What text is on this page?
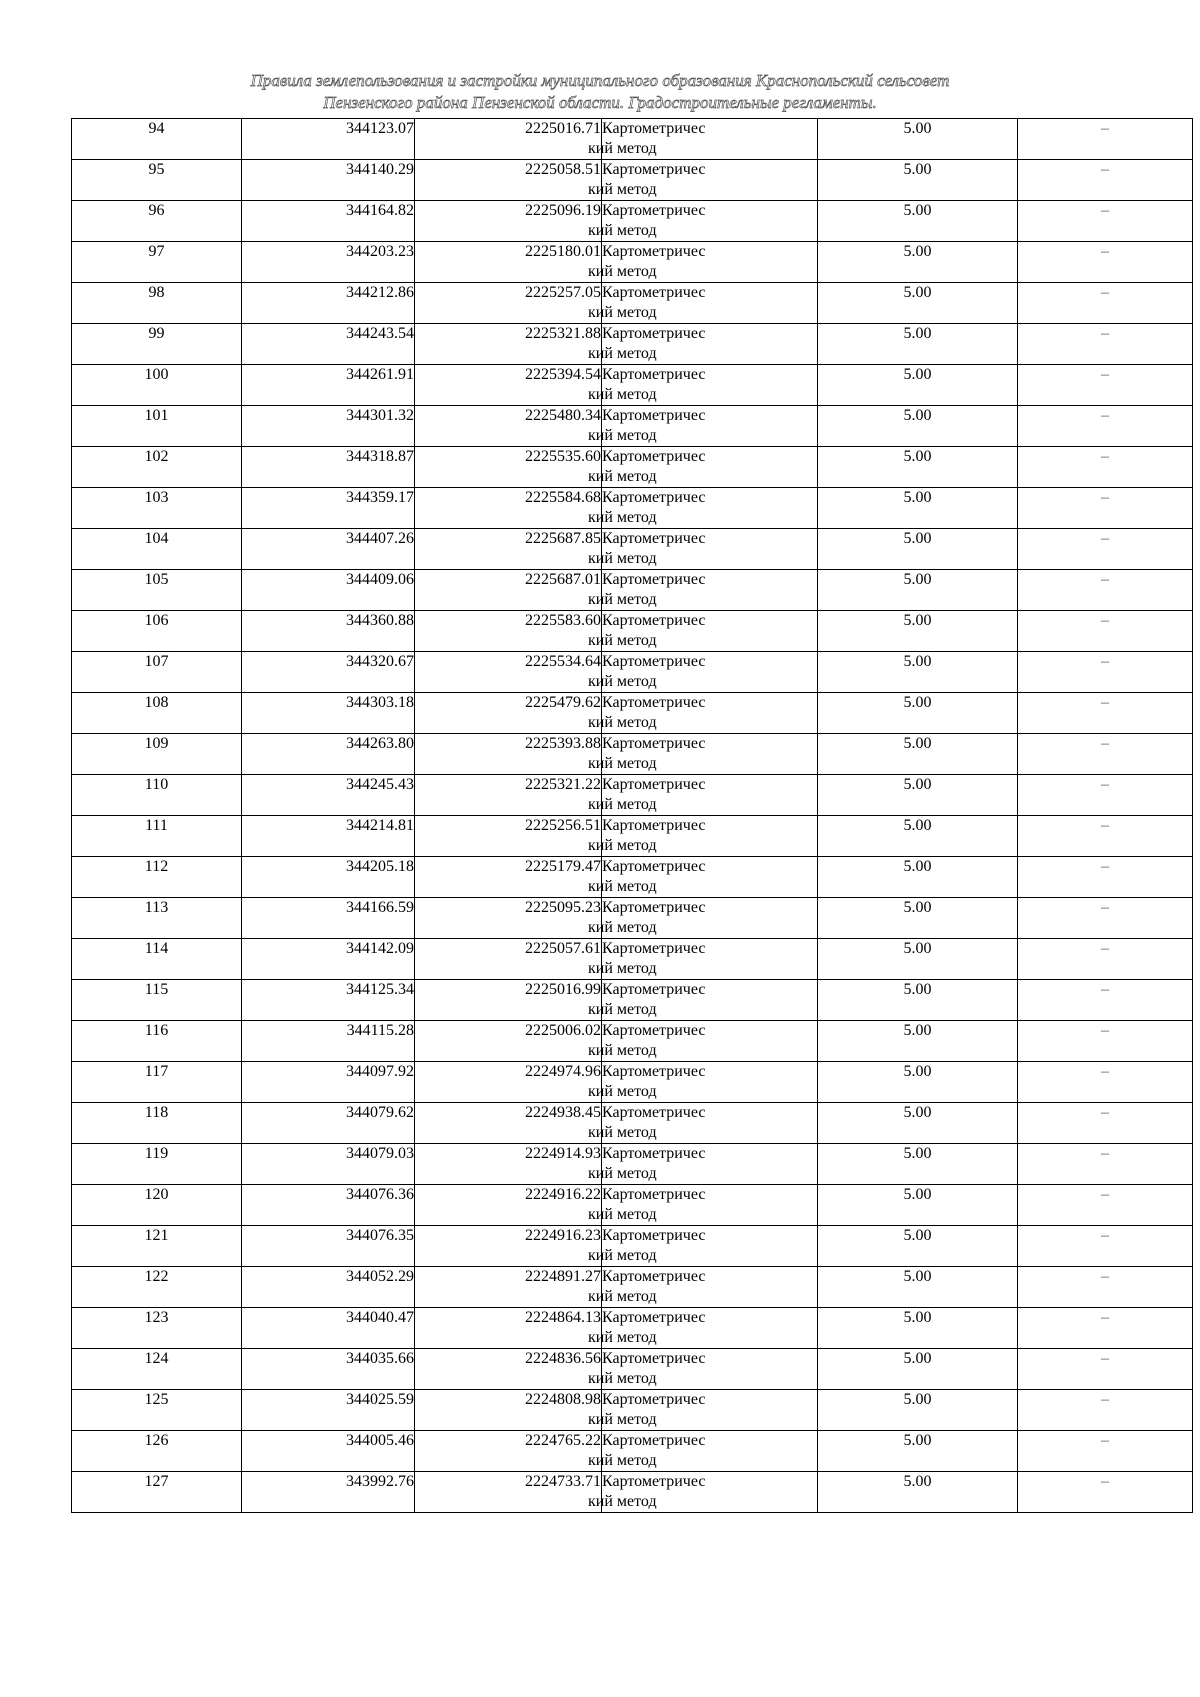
Правила землепользования и застройки муниципального образования Краснопольский сельсовет
Пензенского района Пензенской области. Градостроительные регламенты.
94	344123.07	2225016.71	Картометричес
кий метод	5.00	–
95	344140.29	2225058.51	Картометричес
кий метод	5.00	–
96	344164.82	2225096.19	Картометричес
кий метод	5.00	–
97	344203.23	2225180.01	Картометричес
кий метод	5.00	–
98	344212.86	2225257.05	Картометричес
кий метод	5.00	–
99	344243.54	2225321.88	Картометричес
кий метод	5.00	–
100	344261.91	2225394.54	Картометричес
кий метод	5.00	–
101	344301.32	2225480.34	Картометричес
кий метод	5.00	–
102	344318.87	2225535.60	Картометричес
кий метод	5.00	–
103	344359.17	2225584.68	Картометричес
кий метод	5.00	–
104	344407.26	2225687.85	Картометричес
кий метод	5.00	–
105	344409.06	2225687.01	Картометричес
кий метод	5.00	–
106	344360.88	2225583.60	Картометричес
кий метод	5.00	–
107	344320.67	2225534.64	Картометричес
кий метод	5.00	–
108	344303.18	2225479.62	Картометричес
кий метод	5.00	–
109	344263.80	2225393.88	Картометричес
кий метод	5.00	–
110	344245.43	2225321.22	Картометричес
кий метод	5.00	–
111	344214.81	2225256.51	Картометричес
кий метод	5.00	–
112	344205.18	2225179.47	Картометричес
кий метод	5.00	–
113	344166.59	2225095.23	Картометричес
кий метод	5.00	–
114	344142.09	2225057.61	Картометричес
кий метод	5.00	–
115	344125.34	2225016.99	Картометричес
кий метод	5.00	–
116	344115.28	2225006.02	Картометричес
кий метод	5.00	–
117	344097.92	2224974.96	Картометричес
кий метод	5.00	–
118	344079.62	2224938.45	Картометричес
кий метод	5.00	–
119	344079.03	2224914.93	Картометричес
кий метод	5.00	–
120	344076.36	2224916.22	Картометричес
кий метод	5.00	–
121	344076.35	2224916.23	Картометричес
кий метод	5.00	–
122	344052.29	2224891.27	Картометричес
кий метод	5.00	–
123	344040.47	2224864.13	Картометричес
кий метод	5.00	–
124	344035.66	2224836.56	Картометричес
кий метод	5.00	–
125	344025.59	2224808.98	Картометричес
кий метод	5.00	–
126	344005.46	2224765.22	Картометричес
кий метод	5.00	–
127	343992.76	2224733.71	Картометричес
кий метод	5.00	–
